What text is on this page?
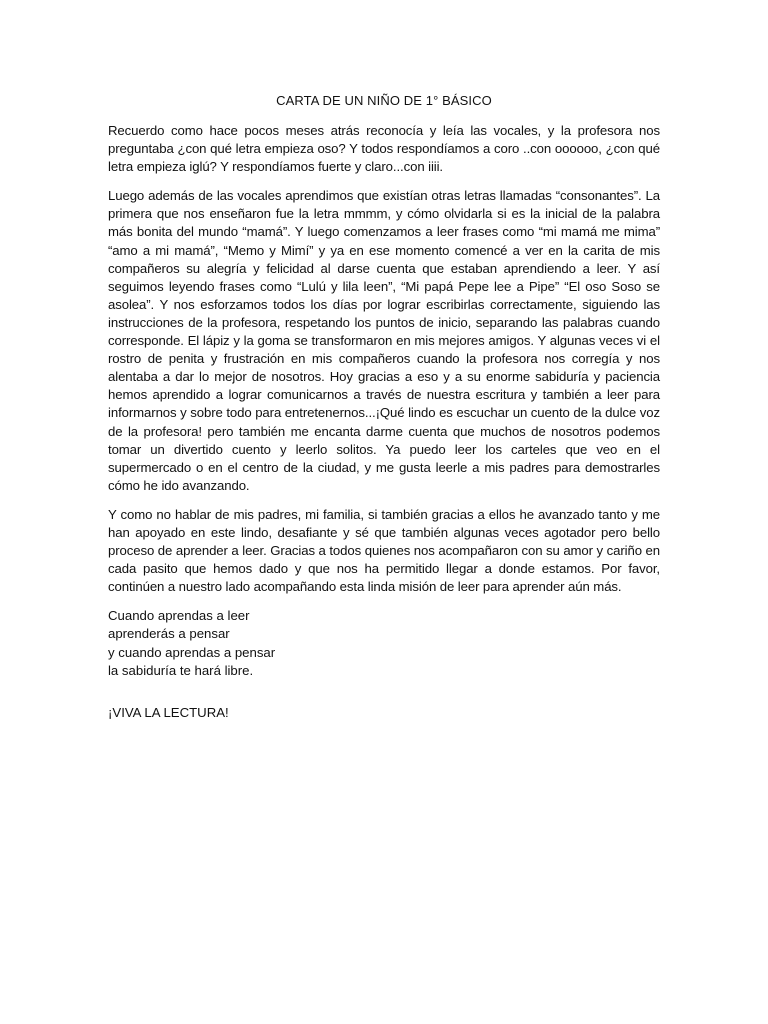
CARTA DE UN NIÑO DE 1° BÁSICO

Recuerdo como hace pocos meses atrás reconocía y leía las vocales, y la profesora nos preguntaba ¿con qué letra empieza oso? Y todos respondíamos a coro ..con oooooo, ¿con qué letra empieza iglú? Y respondíamos fuerte y claro...con iiii.

Luego además de las vocales aprendimos que existían otras letras llamadas “consonantes”. La primera que nos enseñaron fue la letra mmmm, y cómo olvidarla si es la inicial de la palabra más bonita del mundo “mamá”. Y luego comenzamos a leer frases como “mi mamá me mima” “amo a mi mamá”, “Memo y Mimí” y ya en ese momento comencé a ver en la carita de mis compañeros su alegría y felicidad al darse cuenta que estaban aprendiendo a leer. Y así seguimos leyendo frases como “Lulú y lila leen”, “Mi papá Pepe lee a Pipe” “El oso Soso se asolea”. Y nos esforzamos todos los días por lograr escribirlas correctamente, siguiendo las instrucciones de la profesora, respetando los puntos de inicio, separando las palabras cuando corresponde. El lápiz y la goma se transformaron en mis mejores amigos. Y algunas veces vi el rostro de penita y frustración en mis compañeros cuando la profesora nos corregía y nos alentaba a dar lo mejor de nosotros. Hoy gracias a eso y a su enorme sabiduría y paciencia hemos aprendido a lograr comunicarnos a través de nuestra escritura y también a leer para informarnos y sobre todo para entretenernos...¡Qué lindo es escuchar un cuento de la dulce voz de la profesora! pero también me encanta darme cuenta que muchos de nosotros podemos tomar un divertido cuento y leerlo solitos. Ya puedo leer los carteles que veo en el supermercado o en el centro de la ciudad, y me gusta leerle a mis padres para demostrarles cómo he ido avanzando.

Y como no hablar de mis padres, mi familia, si también gracias a ellos he avanzado tanto y me han apoyado en este lindo, desafiante y sé que también algunas veces agotador pero bello proceso de aprender a leer. Gracias a todos quienes nos acompañaron con su amor y cariño en cada pasito que hemos dado y que nos ha permitido llegar a donde estamos. Por favor, continúen a nuestro lado acompañando esta linda misión de leer para aprender aún más.

Cuando aprendas a leer
aprenderás a pensar
y cuando aprendas a pensar
la sabiduría te hará libre.
¡VIVA LA LECTURA!
